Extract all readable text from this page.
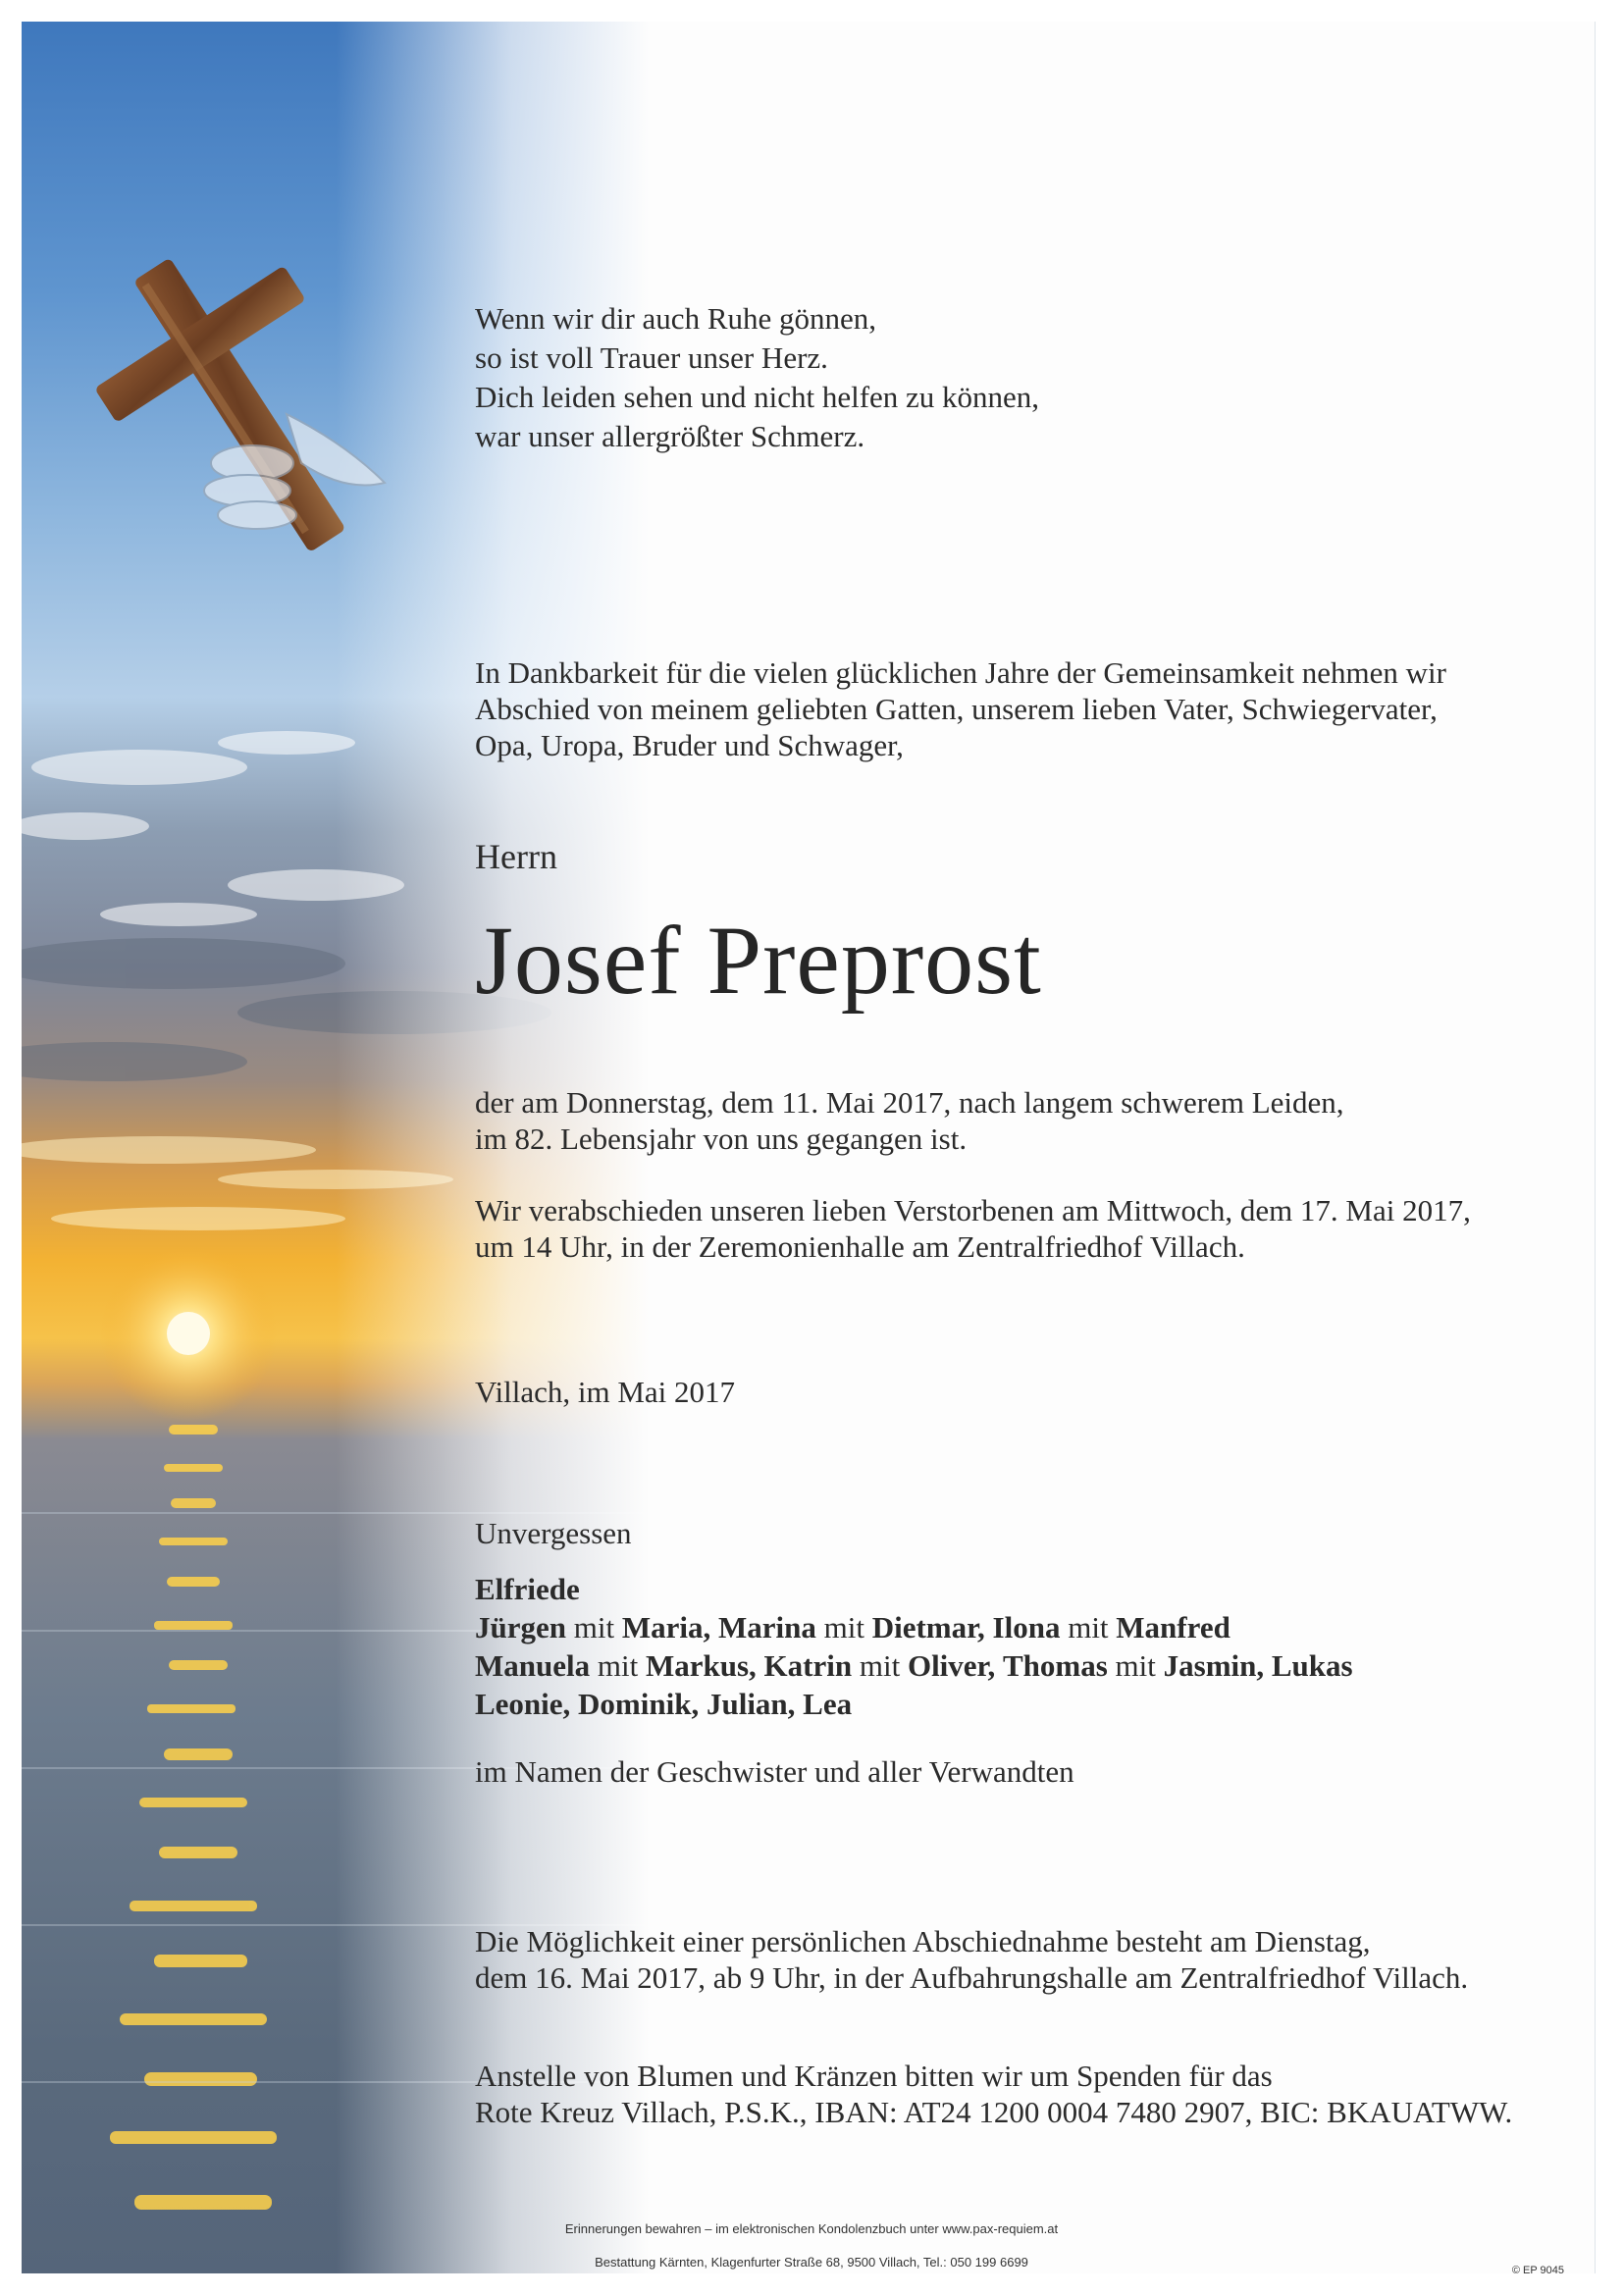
Wenn wir dir auch Ruhe gönnen,
so ist voll Trauer unser Herz.
Dich leiden sehen und nicht helfen zu können,
war unser allergrößter Schmerz.

In Dankbarkeit für die vielen glücklichen Jahre der Gemeinsamkeit nehmen wir
Abschied von meinem geliebten Gatten, unserem lieben Vater, Schwiegervater,
Opa, Uropa, Bruder und Schwager,

Herrn

Josef Preprost

der am Donnerstag, dem 11. Mai 2017, nach langem schwerem Leiden,
im 82. Lebensjahr von uns gegangen ist.

Wir verabschieden unseren lieben Verstorbenen am Mittwoch, dem 17. Mai 2017,
um 14 Uhr, in der Zeremonienhalle am Zentralfriedhof Villach.

Villach, im Mai 2017

Unvergessen

Elfriede
Jürgen mit Maria, Marina mit Dietmar, Ilona mit Manfred
Manuela mit Markus, Katrin mit Oliver, Thomas mit Jasmin, Lukas
Leonie, Dominik, Julian, Lea

im Namen der Geschwister und aller Verwandten

Die Möglichkeit einer persönlichen Abschiednahme besteht am Dienstag,
dem 16. Mai 2017, ab 9 Uhr, in der Aufbahrungshalle am Zentralfriedhof Villach.

Anstelle von Blumen und Kränzen bitten wir um Spenden für das
Rote Kreuz Villach, P.S.K., IBAN: AT24 1200 0004 7480 2907, BIC: BKAUATWW.

Erinnerungen bewahren – im elektronischen Kondolenzbuch unter www.pax-requiem.at
Bestattung Kärnten, Klagenfurter Straße 68, 9500 Villach, Tel.: 050 199 6699
© EP 9045
